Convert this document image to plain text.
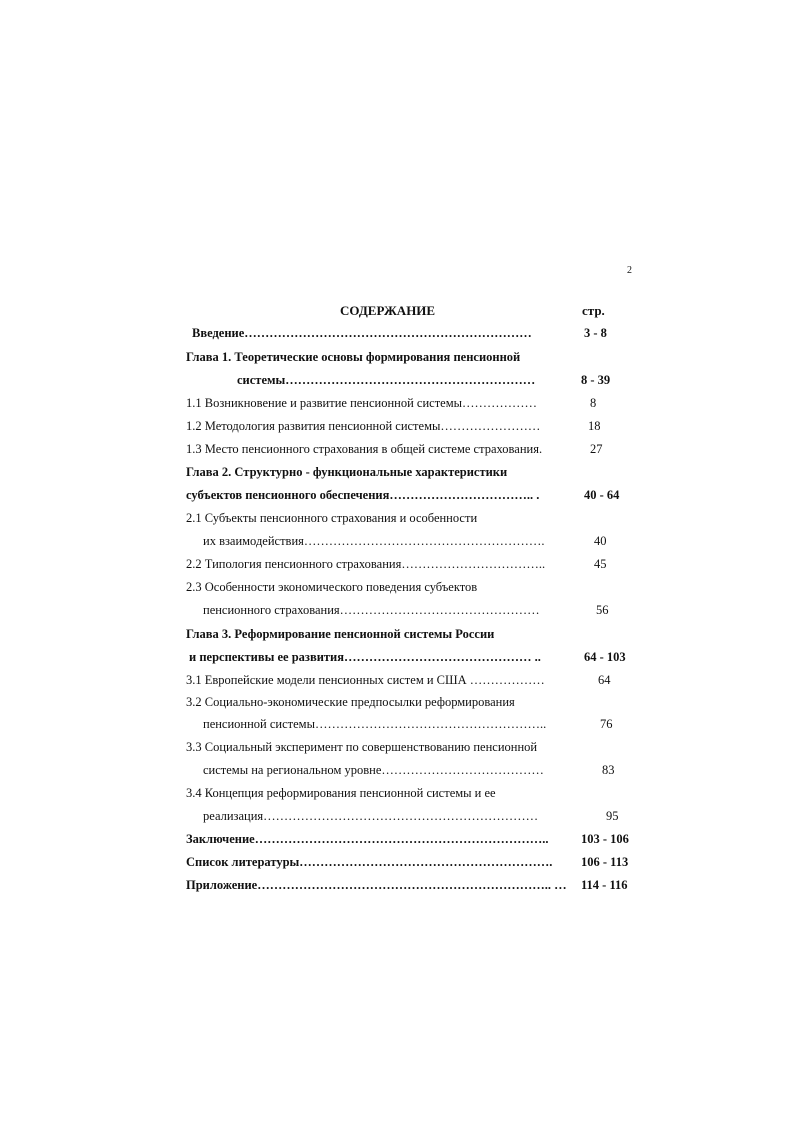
2
СОДЕРЖАНИЕ	стр.
Введение……………………………………………………………	3 - 8
Глава 1. Теоретические основы формирования пенсионной
системы……………………………………………………	8 - 39
1.1 Возникновение и развитие пенсионной системы………………	8
1.2 Методология развития пенсионной системы……………………	18
1.3 Место пенсионного страхования в общей системе страхования.	27
Глава 2. Структурно - функциональные характеристики
субъектов пенсионного обеспечения…………………………….. .	40 - 64
2.1 Субъекты пенсионного страхования и особенности
их взаимодействия………………………………………………….	40
2.2 Типология пенсионного страхования……………………………..	45
2.3 Особенности экономического поведения субъектов
пенсионного страхования…………………………………………	56
Глава 3. Реформирование пенсионной системы России
и перспективы ее развития……………………………………… ..	64 - 103
3.1 Европейские модели пенсионных систем и США ………………	64
3.2 Социально-экономические предпосылки реформирования
пенсионной системы………………………………………………..	76
3.3 Социальный эксперимент по совершенствованию пенсионной
системы на региональном уровне…………………………………	83
3.4 Концепция реформирования пенсионной системы и ее
реализация…………………………………………………………	95
Заключение……………………………………………………………..	103 - 106
Список литературы……………………………………………………. 106 - 113
Приложение…………………………………………………………….. … 114 - 116
